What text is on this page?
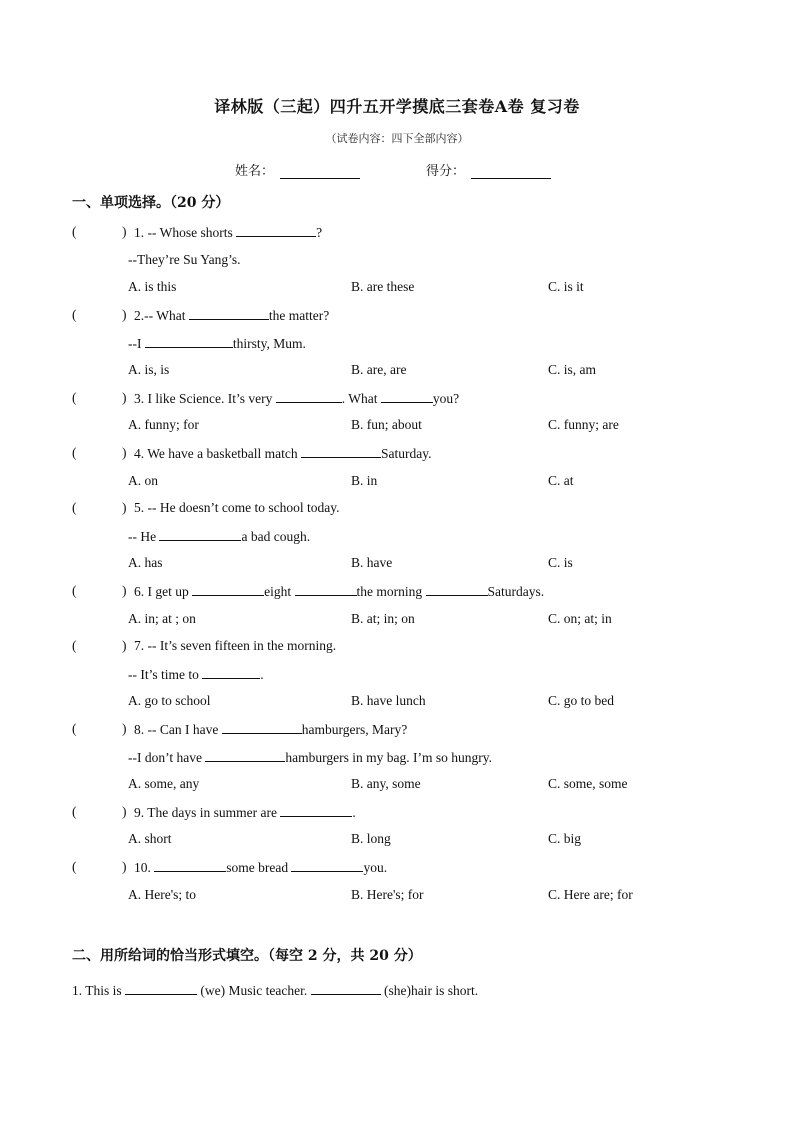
译林版（三起）四升五开学摸底三套卷A卷 复习卷
（试卷内容：四下全部内容）
姓名：	得分：
一、单项选择。（20 分）
(	) 1. -- Whose shorts	?
--They’re Su Yang’s.
A. is this	B. are these	C. is it
(	) 2.-- What	the matter?
--I	thirsty, Mum.
A. is, is	B. are, are	C. is, am
(	) 3. I like Science. It’s very	. What	you?
A. funny; for	B. fun; about	C. funny; are
(	) 4. We have a basketball match	Saturday.
A. on	B. in	C. at
(	) 5. -- He doesn’t come to school today.
-- He	a bad cough.
A. has	B. have	C. is
(	) 6. I get up	eight	the morning	Saturdays.
A. in; at ; on	B. at; in; on	C. on; at; in
(	) 7. -- It’s seven fifteen in the morning.
-- It’s time to	.
A. go to school	B. have lunch	C. go to bed
(	) 8. -- Can I have	hamburgers, Mary?
--I don’t have	hamburgers in my bag. I’m so hungry.
A. some, any	B. any, some	C. some, some
(	) 9. The days in summer are	.
A. short	B. long	C. big
(	) 10.	some bread	you.
A. Here's; to	B. Here's; for	C. Here are; for
二、用所给词的恰当形式填空。（每空 2 分，共 20 分）
1. This is	(we) Music teacher.	(she)hair is short.
